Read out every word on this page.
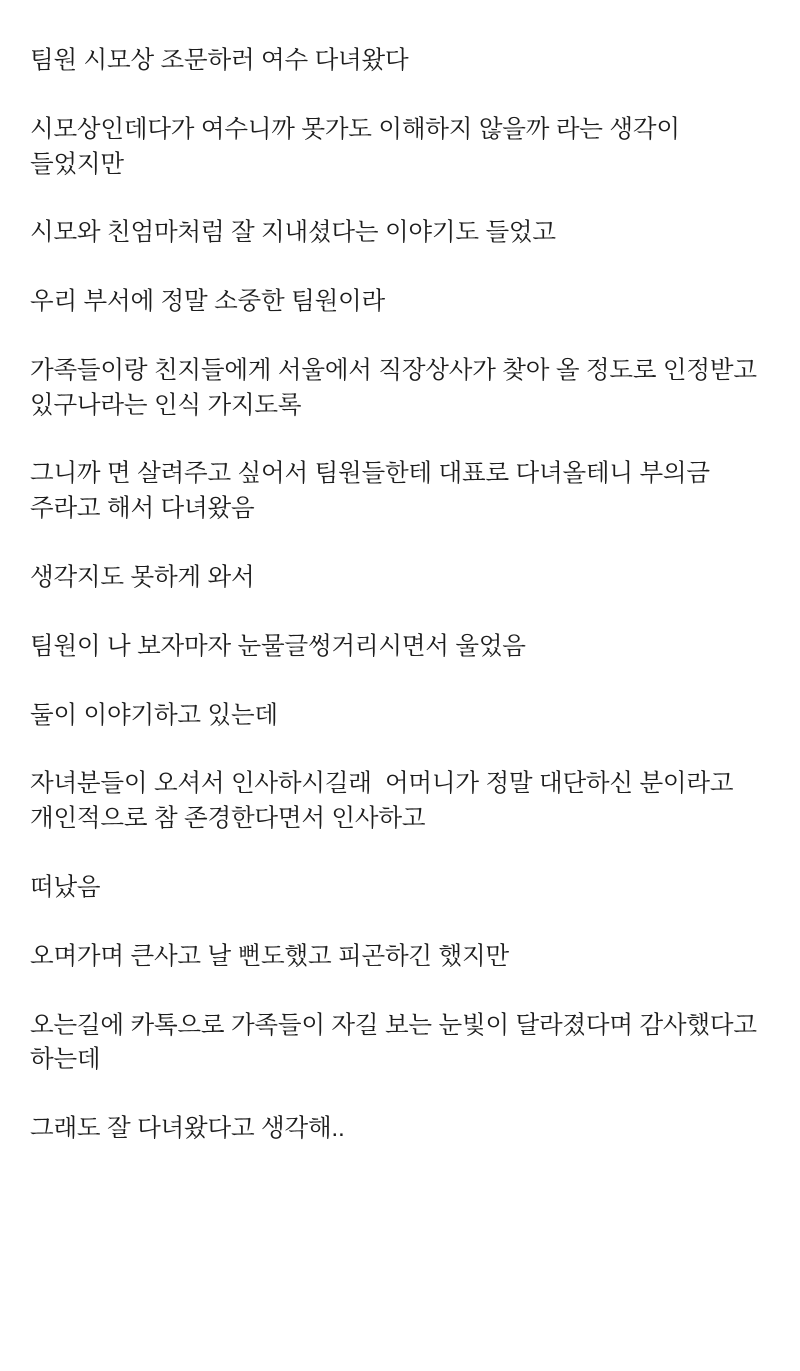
팀원 시모상 조문하러 여수 다녀왔다

시모상인데다가 여수니까 못가도 이해하지 않을까 라는 생각이 들었지만

시모와 친엄마처럼 잘 지내셨다는 이야기도 들었고

우리 부서에 정말 소중한 팀원이라

가족들이랑 친지들에게 서울에서 직장상사가 찾아 올 정도로 인정받고 있구나라는 인식 가지도록

그니까 면 살려주고 싶어서 팀원들한테 대표로 다녀올테니 부의금 주라고 해서 다녀왔음

생각지도 못하게 와서

팀원이 나 보자마자 눈물글썽거리시면서 울었음

둘이 이야기하고 있는데

자녀분들이 오셔서 인사하시길래  어머니가 정말 대단하신 분이라고 개인적으로 참 존경한다면서 인사하고

떠났음

오며가며 큰사고 날 뻔도했고 피곤하긴 했지만

오는길에 카톡으로 가족들이 자길 보는 눈빛이 달라졌다며 감사했다고 하는데

그래도 잘 다녀왔다고 생각해..
